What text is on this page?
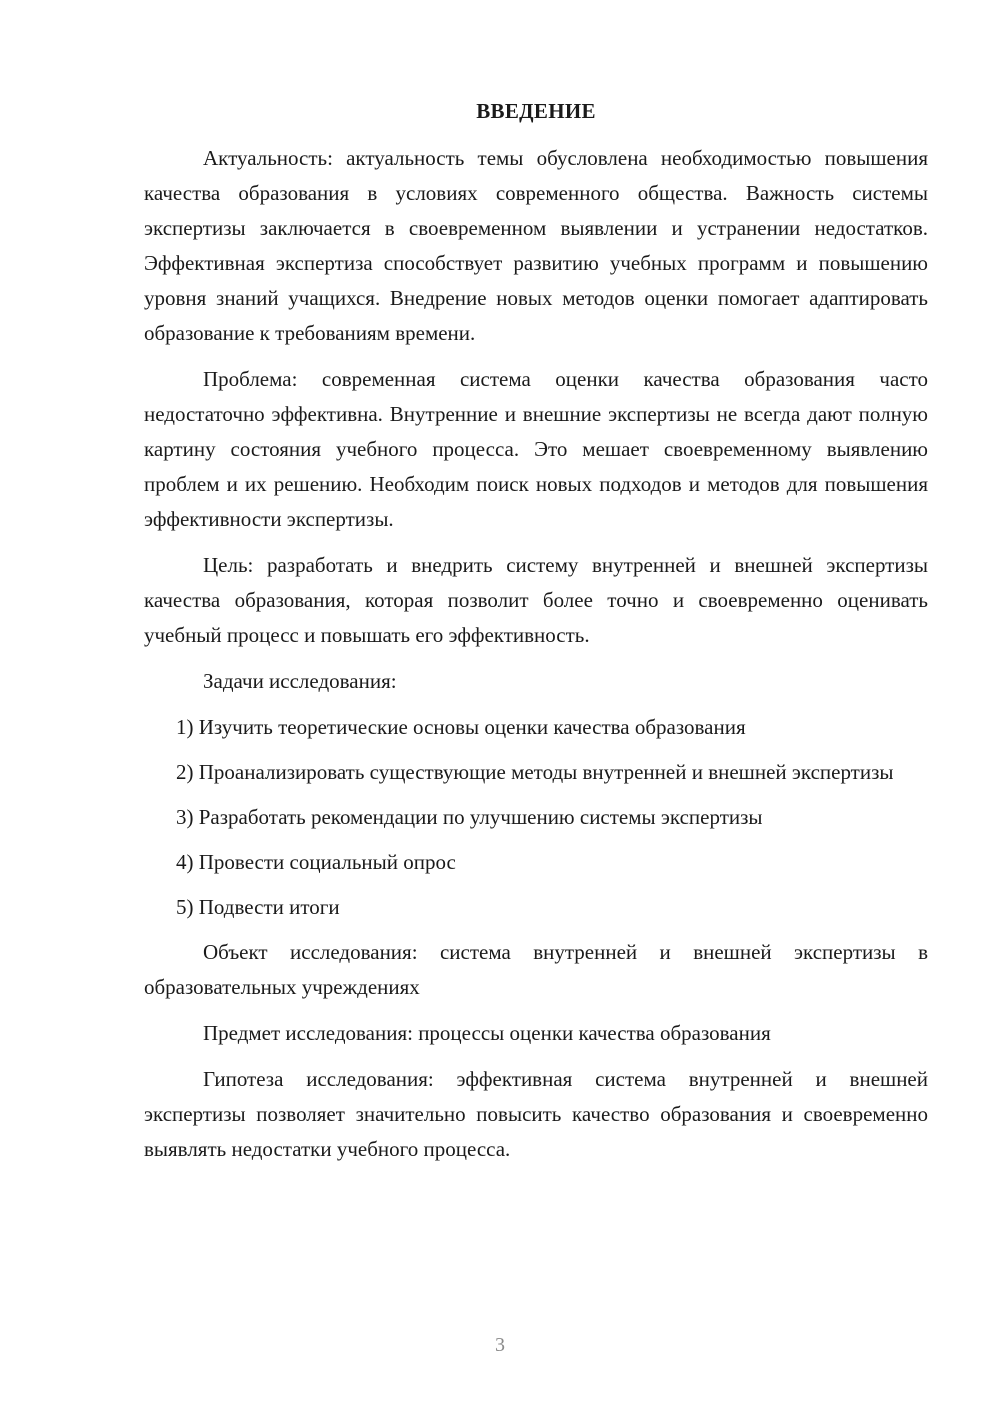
ВВЕДЕНИЕ

Актуальность: актуальность темы обусловлена необходимостью повышения качества образования в условиях современного общества. Важность системы экспертизы заключается в своевременном выявлении и устранении недостатков. Эффективная экспертиза способствует развитию учебных программ и повышению уровня знаний учащихся. Внедрение новых методов оценки помогает адаптировать образование к требованиям времени.

Проблема: современная система оценки качества образования часто недостаточно эффективна. Внутренние и внешние экспертизы не всегда дают полную картину состояния учебного процесса. Это мешает своевременному выявлению проблем и их решению. Необходим поиск новых подходов и методов для повышения эффективности экспертизы.

Цель: разработать и внедрить систему внутренней и внешней экспертизы качества образования, которая позволит более точно и своевременно оценивать учебный процесс и повышать его эффективность.

Задачи исследования:

1) Изучить теоретические основы оценки качества образования

2) Проанализировать существующие методы внутренней и внешней экспертизы

3) Разработать рекомендации по улучшению системы экспертизы

4) Провести социальный опрос

5) Подвести итоги

Объект исследования: система внутренней и внешней экспертизы в образовательных учреждениях

Предмет исследования: процессы оценки качества образования

Гипотеза исследования: эффективная система внутренней и внешней экспертизы позволяет значительно повысить качество образования и своевременно выявлять недостатки учебного процесса.

3
